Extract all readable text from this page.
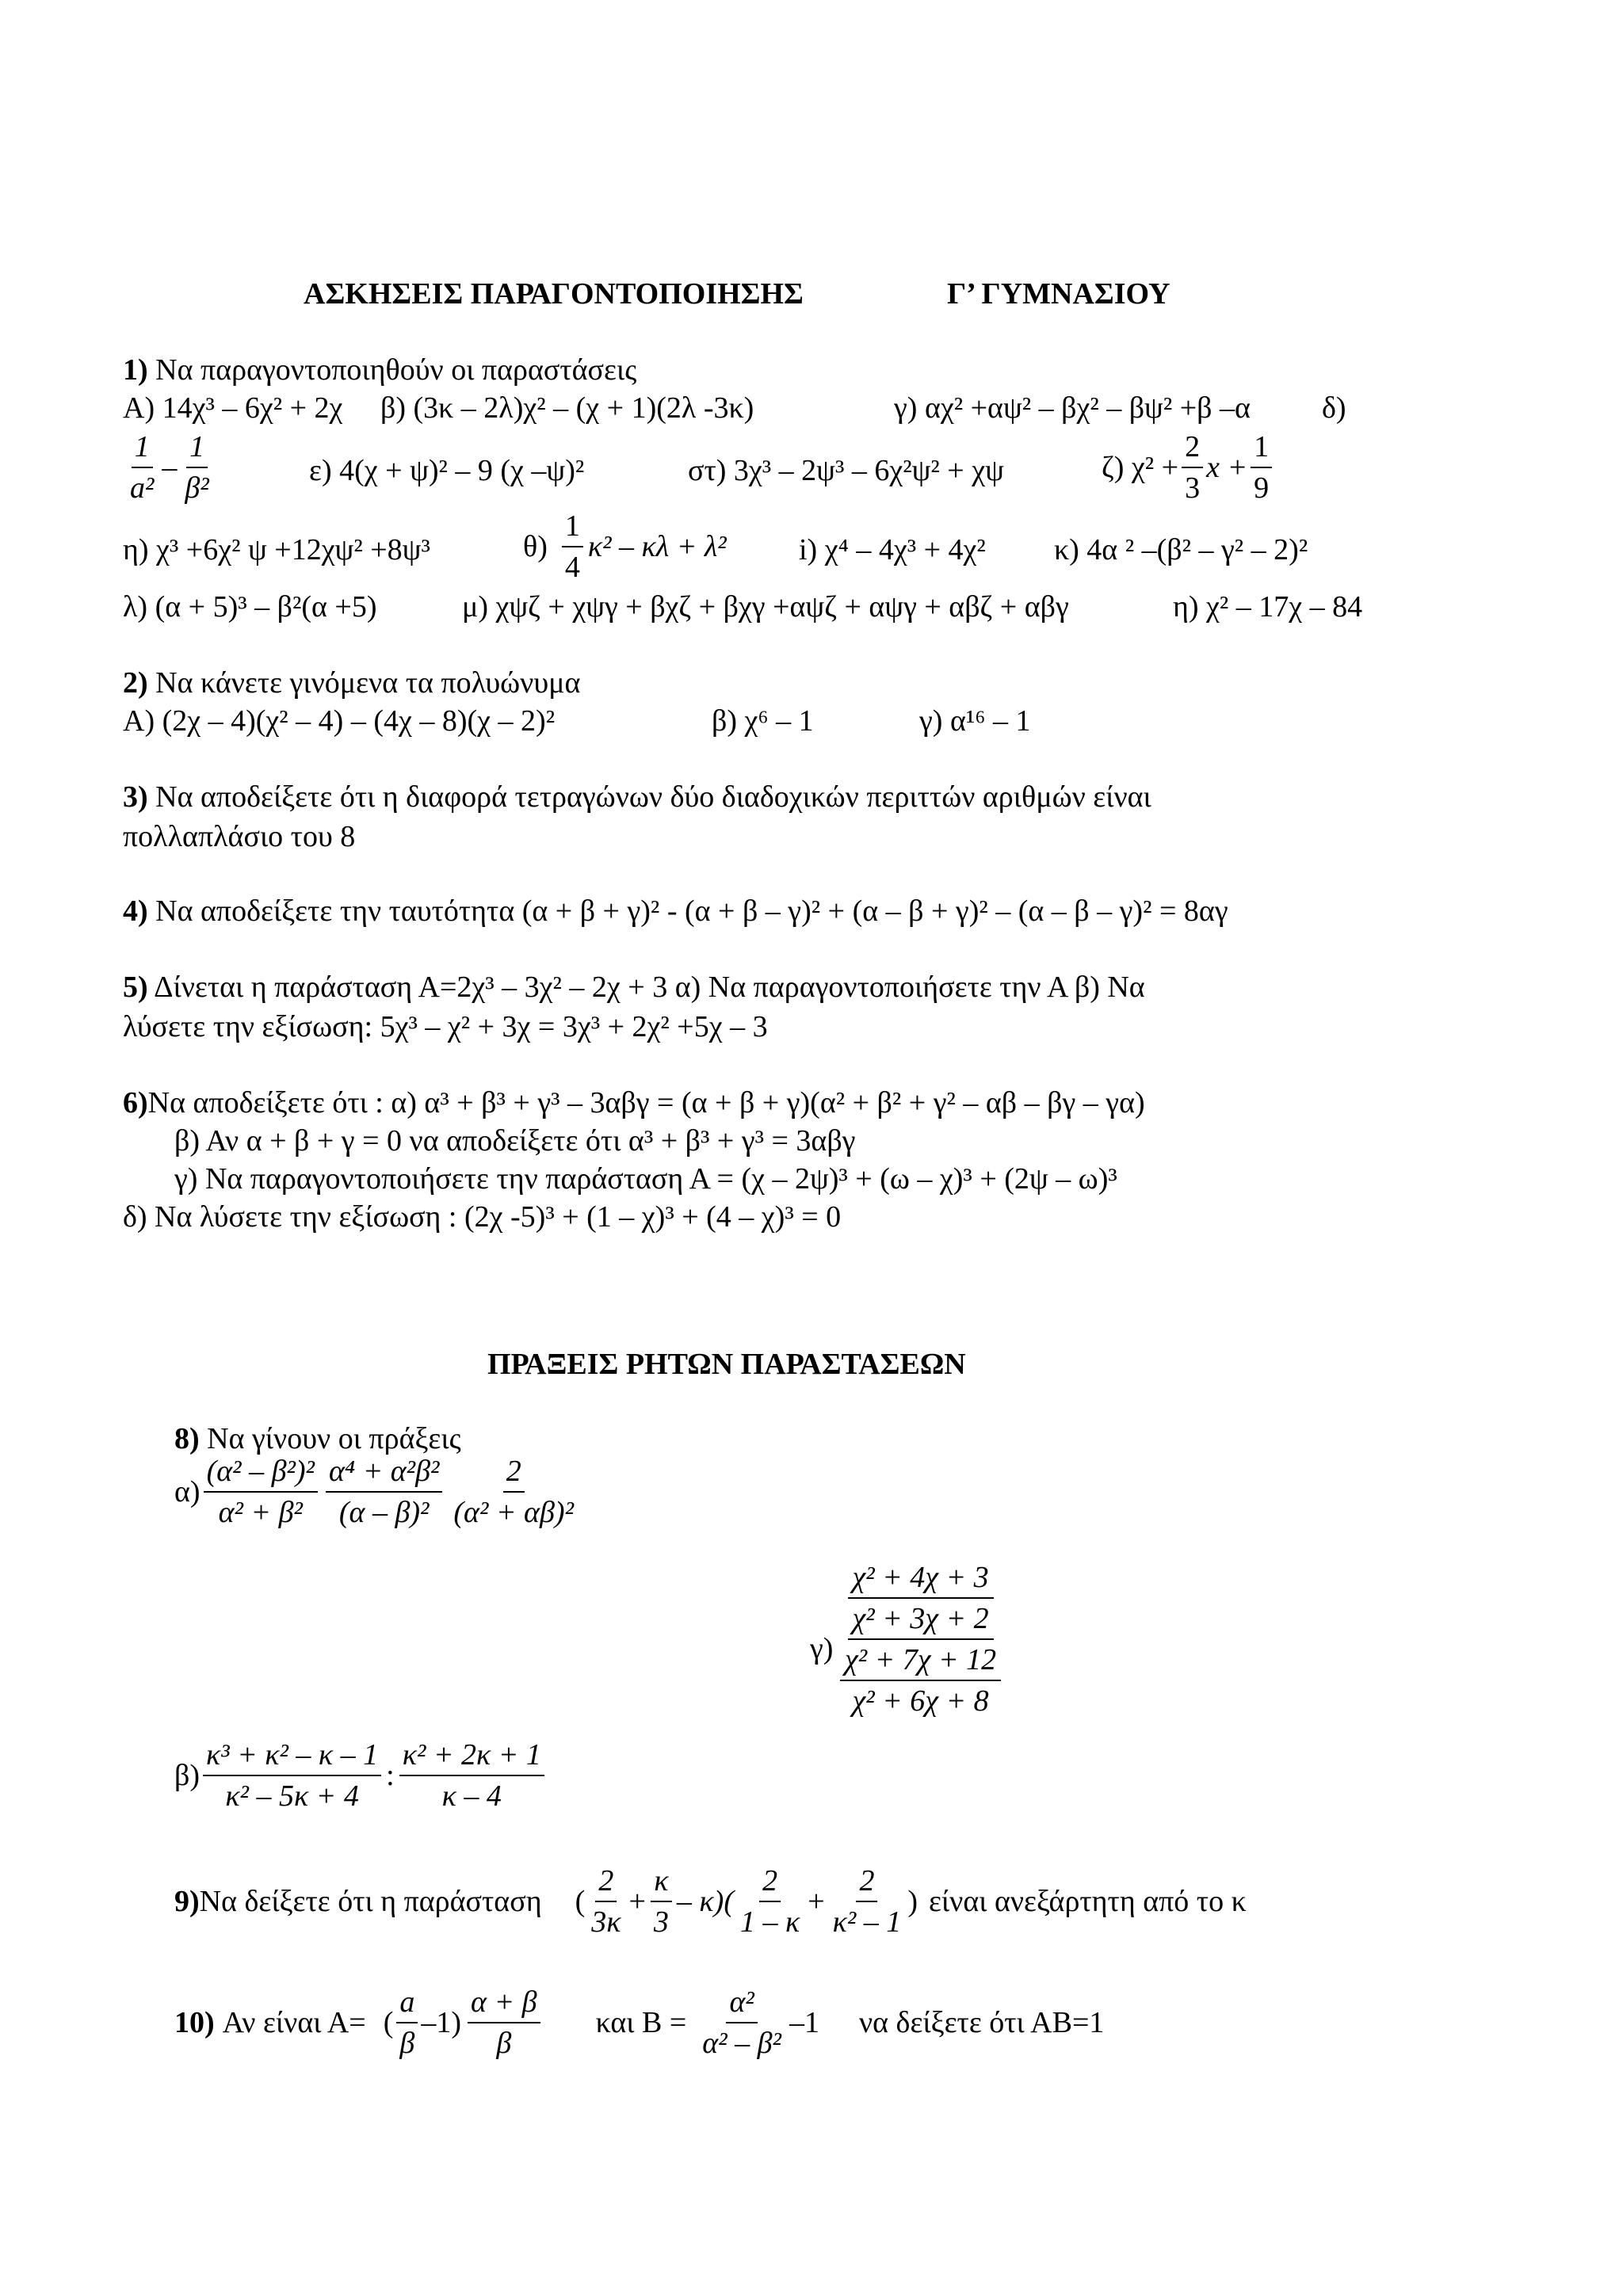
ΑΣΚΗΣΕΙΣ ΠΑΡΑΓΟΝΤΟΠΟΙΗΣΗΣ	Γ’ ΓΥΜΝΑΣΙΟΥ
1) Να παραγοντοποιηθούν οι παραστάσεις
Α) 14χ³ – 6χ² + 2χ β) (3κ – 2λ)χ² – (χ + 1)(2λ -3κ)	γ) αχ² +αψ² – βχ² – βψ² +β –α δ)
$\frac{1}{\text{a²}} - \frac{1}{\text{β²}}$	ε) 4(χ + ψ)² – 9 (χ –ψ)²	στ) 3χ³ – 2ψ³ – 6χ²ψ² + χψ	ζ) $\chi^2 + \frac{2}{3}$ $x + \frac{1}{9}$
η) χ³ +6χ² ψ +12χψ² +8ψ³	$\theta) \frac{1}{4} \kappa^2 - \kappa\lambda + \lambda^2$ i) χ⁴ – 4χ³ + 4χ² κ) 4α ² –(β² – γ² – 2)²
λ) (α + 5)³ – β²(α +5)	μ) χψζ + χψγ + βχζ + βχγ +αψζ + αψγ + αβζ + αβγ	η) χ² – 17χ – 84
2) Να κάνετε γινόμενα τα πολυώνυμα
Α) (2χ – 4)(χ² – 4) – (4χ – 8)(χ – 2)²	β) χ⁶ – 1	γ) α¹⁶ – 1
3) Να αποδείξετε ότι η διαφορά τετραγώνων δύο διαδοχικών περιττών αριθμών είναι
πολλαπλάσιο του 8
4) Να αποδείξετε την ταυτότητα (α + β + γ)² - (α + β – γ)² + (α – β + γ)² – (α – β – γ)² = 8αγ
5) Δίνεται η παράσταση Α=2χ³ – 3χ² – 2χ + 3 α) Να παραγοντοποιήσετε την Α β) Να
λύσετε την εξίσωση: 5χ³ – χ² + 3χ = 3χ³ + 2χ² +5χ – 3
6)Να αποδείξετε ότι : α) α³ + β³ + γ³ – 3αβγ = (α + β + γ)(α² + β² + γ² – αβ – βγ – γα)
β) Αν α + β + γ = 0 να αποδείξετε ότι α³ + β³ + γ³ = 3αβγ
γ) Να παραγοντοποιήσετε την παράσταση Α = (χ – 2ψ)³ + (ω – χ)³ + (2ψ – ω)³
δ) Να λύσετε την εξίσωση : (2χ -5)³ + (1 – χ)³ + (4 – χ)³ = 0
ΠΡΑΞΕΙΣ ΡΗΤΩΝ ΠΑΡΑΣΤΑΣΕΩΝ
8) Να γίνουν οι πράξεις
$\alpha) \frac{\text{(α² – β²)²}}{\text{α² + β²}} \frac{\text{α⁴ + α²β²}}{\text{(α – β)²}} \frac{2}{\text{(α² + αβ)²}}$
γ)
χ² + 4χ + 3
χ² + 3χ + 2
χ² + 7χ + 12
χ² + 6χ + 8
$\beta) \frac{\text{κ³ + κ² – κ – 1}}{\text{κ² – 5κ + 4}}$ : $\frac{\text{κ² + 2κ + 1}}{\kappa - 4}$
9) Να δείξετε ότι η παράσταση ( $\frac{2}{3\kappa} + \frac{\kappa}{3} - \kappa)( \frac{2}{1 - \kappa} + \frac{2}{\text{κ² – 1}}$ ) είναι ανεξάρτητη από το κ
10) Αν είναι Α= ( $\frac{a}{\beta} -1) \frac{\alpha + \beta}{\beta}$ και $B = \frac{\text{α²}}{\text{α² – β²}} -1$ να δείξετε ότι ΑΒ=1
